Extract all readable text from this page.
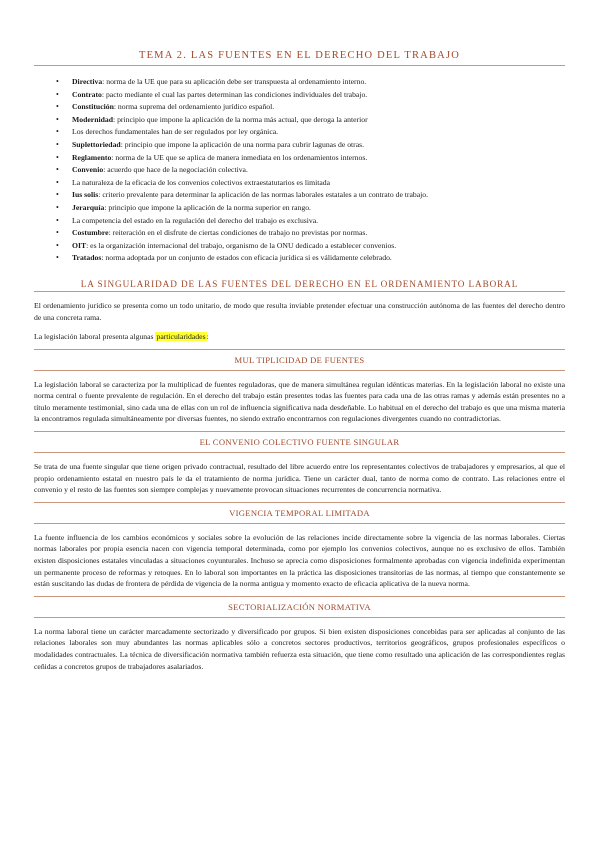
TEMA 2. LAS FUENTES EN EL DERECHO DEL TRABAJO
• Directiva: norma de la UE que para su aplicación debe ser transpuesta al ordenamiento interno.
• Contrato: pacto mediante el cual las partes determinan las condiciones individuales del trabajo.
• Constitución: norma suprema del ordenamiento jurídico español.
• Modernidad: principio que impone la aplicación de la norma más actual, que deroga la anterior
• Los derechos fundamentales han de ser regulados por ley orgánica.
• Suplettoriedad: principio que impone la aplicación de una norma para cubrir lagunas de otras.
• Reglamento: norma de la UE que se aplica de manera inmediata en los ordenamientos internos.
• Convenio: acuerdo que hace de la negociación colectiva.
• La naturaleza de la eficacia de los convenios colectivos extraestatutarios es limitada
• Ius solis: criterio prevalente para determinar la aplicación de las normas laborales estatales a un contrato de trabajo.
• Jerarquía: principio que impone la aplicación de la norma superior en rango.
• La competencia del estado en la regulación del derecho del trabajo es exclusiva.
• Costumbre: reiteración en el disfrute de ciertas condiciones de trabajo no previstas por normas.
• OIT: es la organización internacional del trabajo, organismo de la ONU dedicado a establecer convenios.
• Tratados: norma adoptada por un conjunto de estados con eficacia jurídica si es válidamente celebrado.
LA SINGULARIDAD DE LAS FUENTES DEL DERECHO EN EL ORDENAMIENTO LABORAL

El ordenamiento jurídico se presenta como un todo unitario, de modo que resulta inviable pretender efectuar una construcción autónoma de las fuentes del derecho dentro de una concreta rama.

La legislación laboral presenta algunas particularidades:

MUL TIPLICIDAD DE FUENTES

La legislación laboral se caracteriza por la multiplicad de fuentes reguladoras, que de manera simultánea regulan idénticas materias. En la legislación laboral no existe una norma central o fuente prevalente de regulación. En el derecho del trabajo están presentes todas las fuentes para cada una de las otras ramas y además están presentes no a título meramente testimonial, sino cada una de ellas con un rol de influencia significativa nada desdeñable. Lo habitual en el derecho del trabajo es que una misma materia la encontramos regulada simultáneamente por diversas fuentes, no siendo extraño encontrarnos con regulaciones divergentes cuando no contradictorias.

EL CONVENIO COLECTIVO FUENTE SINGULAR

Se trata de una fuente singular que tiene origen privado contractual, resultado del libre acuerdo entre los representantes colectivos de trabajadores y empresarios, al que el propio ordenamiento estatal en nuestro país le da el tratamiento de norma jurídica. Tiene un carácter dual, tanto de norma como de contrato. Las relaciones entre el convenio y el resto de las fuentes son siempre complejas y nuevamente provocan situaciones recurrentes de concurrencia normativa.

VIGENCIA TEMPORAL LIMITADA

La fuente influencia de los cambios económicos y sociales sobre la evolución de las relaciones incide directamente sobre la vigencia de las normas laborales. Ciertas normas laborales por propia esencia nacen con vigencia temporal determinada, como por ejemplo los convenios colectivos, aunque no es exclusivo de ellos. También existen disposiciones estatales vinculadas a situaciones coyunturales. Inchuso se aprecia como disposiciones formalmente aprobadas con vigencia indefinida experimentan un permanente proceso de reformas y retoques. En lo laboral son importantes en la práctica las disposiciones transitorias de las normas, al tiempo que constantemente se están suscitando las dudas de frontera de pérdida de vigencia de la norma antigua y momento exacto de eficacia aplicativa de la nueva norma.

SECTORIALIZACIÓN NORMATIVA

La norma laboral tiene un carácter marcadamente sectorizado y diversificado por grupos. Si bien existen disposiciones concebidas para ser aplicadas al conjunto de las relaciones laborales son muy abundantes las normas aplicables sólo a concretos sectores productivos, territorios geográficos, grupos profesionales específicos o modalidades contractuales. La técnica de diversificación normativa también refuerza esta situación, que tiene como resultado una aplicación de las correspondientes reglas ceñidas a concretos grupos de trabajadores asalariados.
